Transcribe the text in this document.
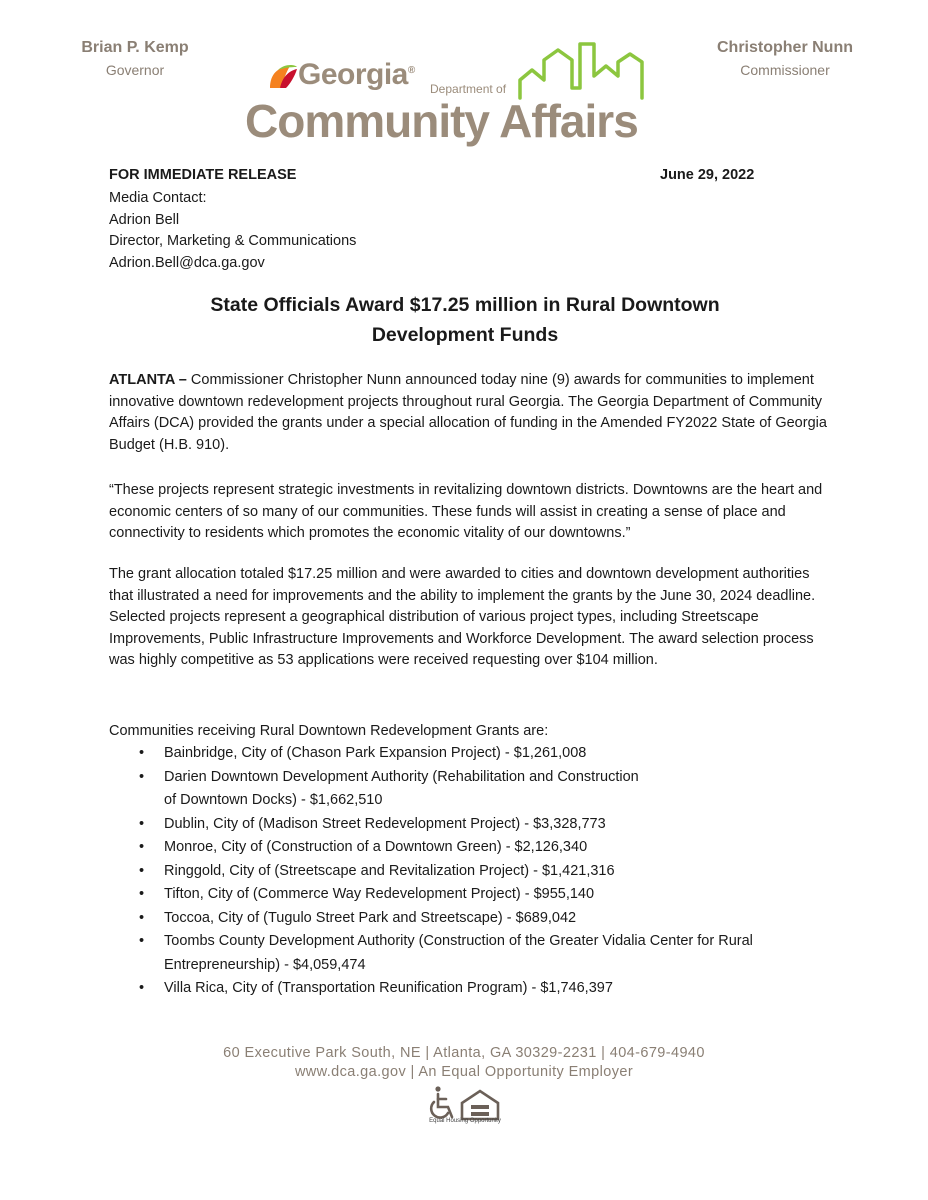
Brian P. Kemp
Governor
Christopher Nunn
Commissioner
Georgia®
Department of
Community Affairs
FOR IMMEDIATE RELEASE	June 29, 2022
Media Contact:
Adrion Bell
Director, Marketing & Communications
Adrion.Bell@dca.ga.gov
State Officials Award $17.25 million in Rural Downtown
Development Funds

ATLANTA – Commissioner Christopher Nunn announced today nine (9) awards for communities to implement innovative downtown redevelopment projects throughout rural Georgia. The Georgia Department of Community Affairs (DCA) provided the grants under a special allocation of funding in the Amended FY2022 State of Georgia Budget (H.B. 910).

“These projects represent strategic investments in revitalizing downtown districts. Downtowns are the heart and economic centers of so many of our communities. These funds will assist in creating a sense of place and connectivity to residents which promotes the economic vitality of our downtowns.”

The grant allocation totaled $17.25 million and were awarded to cities and downtown development authorities that illustrated a need for improvements and the ability to implement the grants by the June 30, 2024 deadline. Selected projects represent a geographical distribution of various project types, including Streetscape Improvements, Public Infrastructure Improvements and Workforce Development. The award selection process was highly competitive as 53 applications were received requesting over $104 million.

Communities receiving Rural Downtown Redevelopment Grants are:

• Bainbridge, City of (Chason Park Expansion Project) - $1,261,008
• Darien Downtown Development Authority (Rehabilitation and Construction
of Downtown Docks) - $1,662,510
• Dublin, City of (Madison Street Redevelopment Project) - $3,328,773
• Monroe, City of (Construction of a Downtown Green) - $2,126,340
• Ringgold, City of (Streetscape and Revitalization Project) - $1,421,316
• Tifton, City of (Commerce Way Redevelopment Project) - $955,140
• Toccoa, City of (Tugulo Street Park and Streetscape) - $689,042
• Toombs County Development Authority (Construction of the Greater Vidalia Center for Rural
Entrepreneurship) - $4,059,474
• Villa Rica, City of (Transportation Reunification Program) - $1,746,397
60 Executive Park South, NE | Atlanta, GA 30329-2231 | 404-679-4940
www.dca.ga.gov | An Equal Opportunity Employer
Equal Housing Opportunity
